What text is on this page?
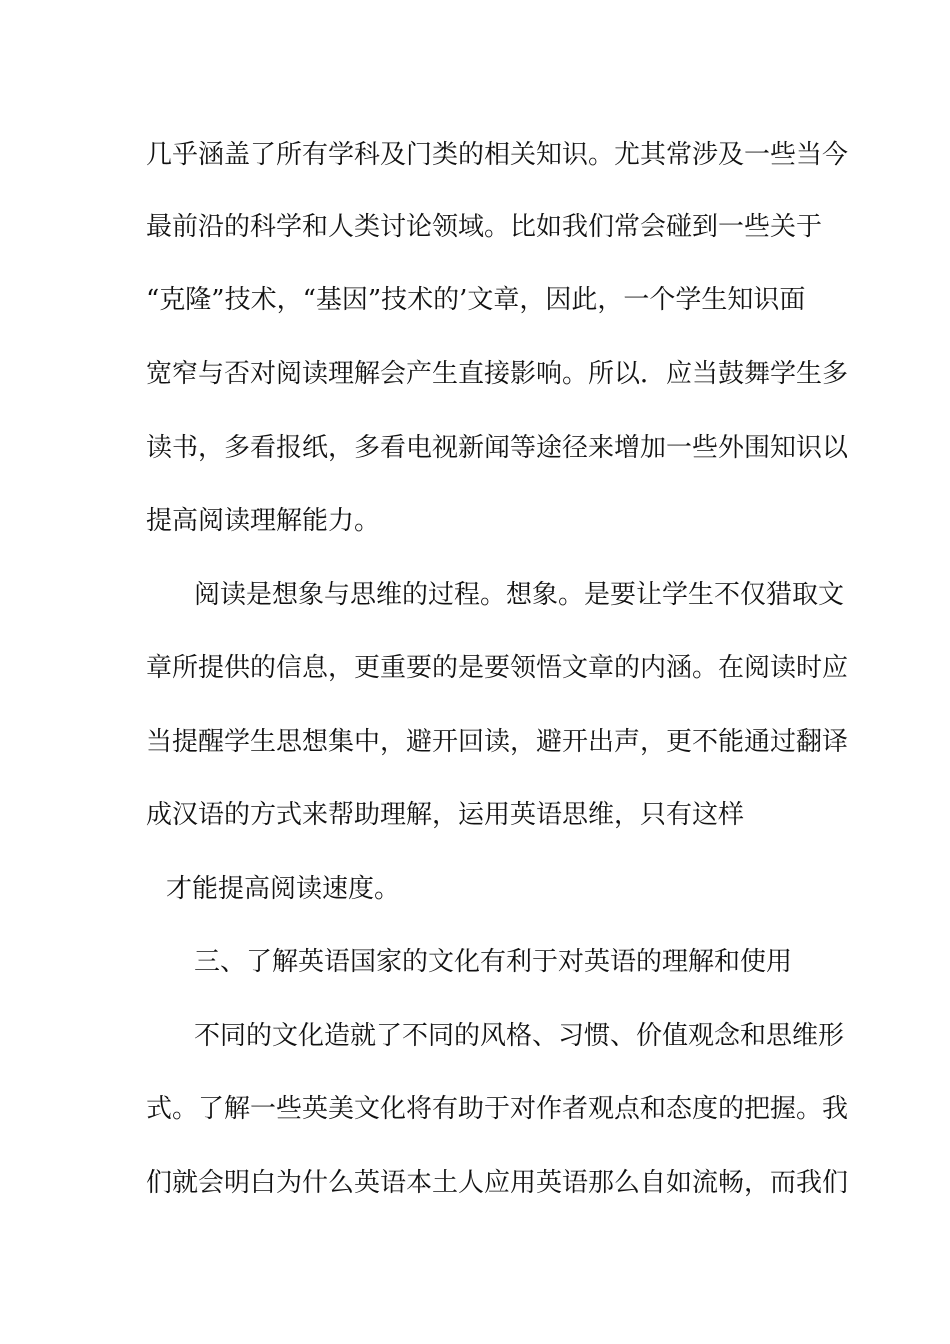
几乎涵盖了所有学科及门类的相关知识。尤其常涉及一些当今

最前沿的科学和人类讨论领域。比如我们常会碰到一些关于

“克隆”技术，“基因”技术的’文章，因此，一个学生知识面

宽窄与否对阅读理解会产生直接影响。所以．应当鼓舞学生多

读书，多看报纸，多看电视新闻等途径来增加一些外围知识以

提高阅读理解能力。

阅读是想象与思维的过程。想象。是要让学生不仅猎取文

章所提供的信息，更重要的是要领悟文章的内涵。在阅读时应

当提醒学生思想集中，避开回读，避开出声，更不能通过翻译

成汉语的方式来帮助理解，运用英语思维，只有这样

才能提高阅读速度。

三、了解英语国家的文化有利于对英语的理解和使用

不同的文化造就了不同的风格、习惯、价值观念和思维形

式。了解一些英美文化将有助于对作者观点和态度的把握。我

们就会明白为什么英语本土人应用英语那么自如流畅，而我们
